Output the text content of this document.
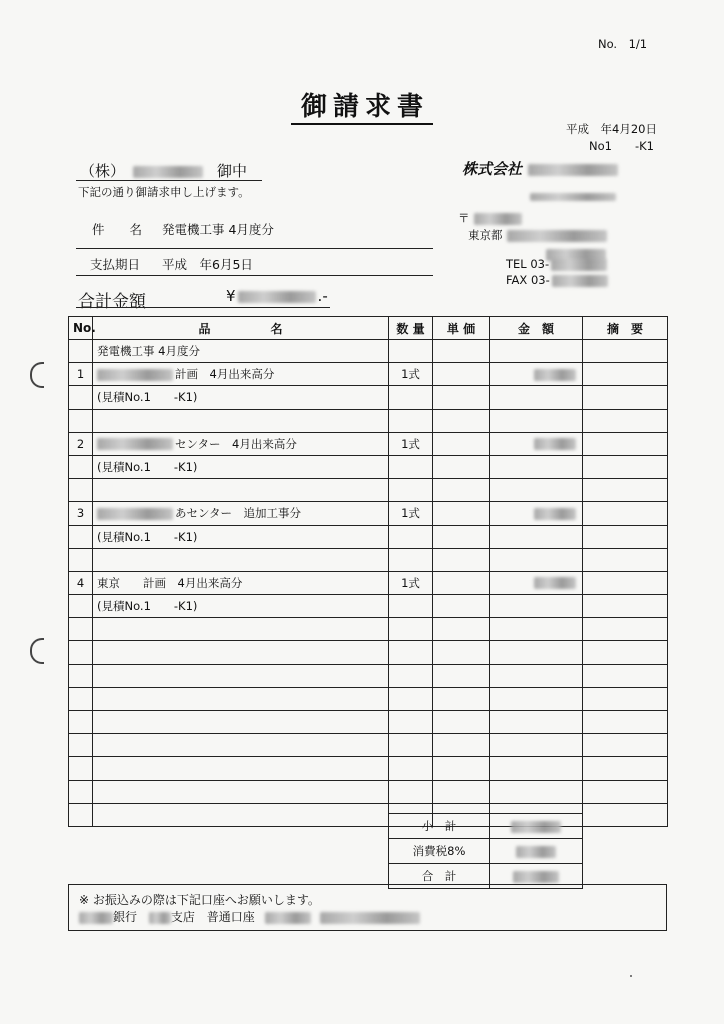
No.　1/1
御請求書
平成　年4月20日
No1　　-K1
（株）	御中
下記の通り御請求申し上げます。
株式会社
〒
東京都
TEL 03-
FAX 03-
件　　名 発電機工事 4月度分
支払期日 平成　年6月5日
合計金額	¥	.-
No.	品　　　　　名	数 量	単 価	金　額	摘　要
	発電機工事 4月度分				
1	計画　4月出来高分	1式			
	(見積No.1　　-K1)				

2	センター　4月出来高分	1式			
	(見積No.1　　-K1)				

3	あセンター　追加工事分	1式			
	(見積No.1　　-K1)				

4	東京　　計画　4月出来高分	1式			
	(見積No.1　　-K1)				

小　計		
消費税8%		
合　計		
※ お振込みの際は下記口座へお願いします。
銀行	支店 普通口座
